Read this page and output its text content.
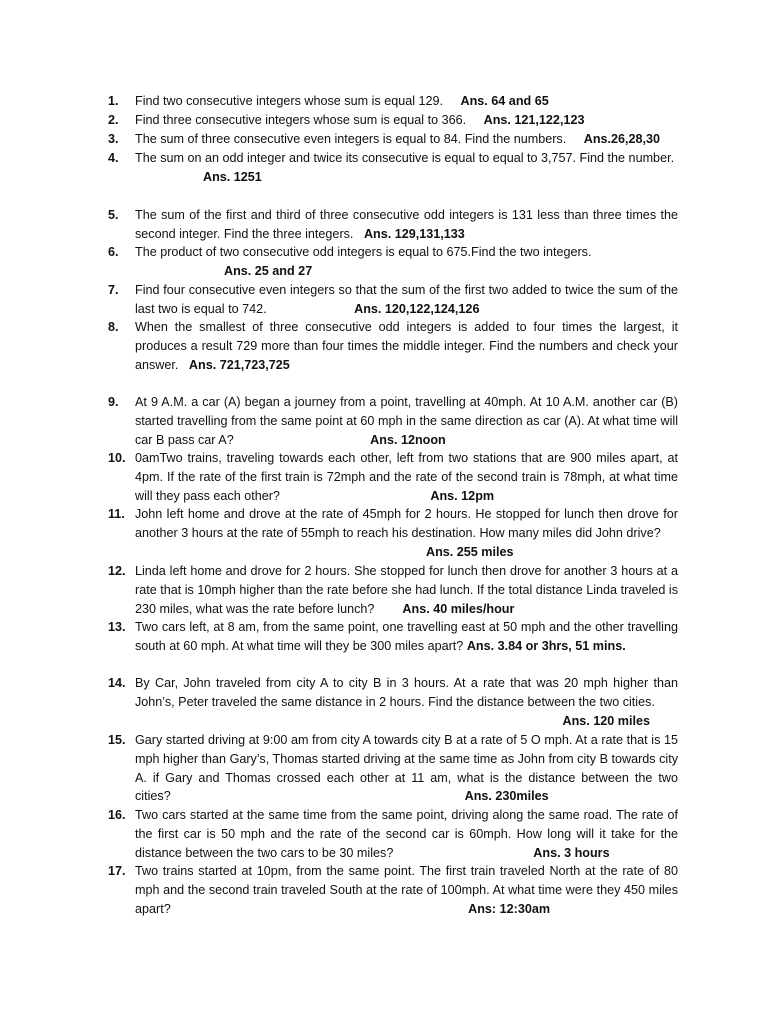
1.	Find two consecutive integers whose sum is equal 129. Ans. 64 and 65
2.	Find three consecutive integers whose sum is equal to 366. Ans. 121,122,123
3.	The sum of three consecutive even integers is equal to 84. Find the numbers. Ans.26,28,30
4.	The sum on an odd integer and twice its consecutive is equal to equal to 3,757. Find the number.
Ans. 1251
5.	The sum of the first and third of three consecutive odd integers is 131 less than three times the second integer. Find the three integers. Ans. 129,131,133
6.	The product of two consecutive odd integers is equal to 675.Find the two integers.
Ans. 25 and 27
7.	Find four consecutive even integers so that the sum of the first two added to twice the sum of the last two is equal to 742.	Ans. 120,122,124,126
8.	When the smallest of three consecutive odd integers is added to four times the largest, it produces a result 729 more than four times the middle integer. Find the numbers and check your answer. Ans. 721,723,725
9.	At 9 A.M. a car (A) began a journey from a point, travelling at 40mph. At 10 A.M. another car (B) started travelling from the same point at 60 mph in the same direction as car (A). At what time will car B pass car A?	Ans. 12noon
10. 0amTwo trains, traveling towards each other, left from two stations that are 900 miles apart, at 4pm. If the rate of the first train is 72mph and the rate of the second train is 78mph, at what time will they pass each other?	Ans. 12pm
11. John left home and drove at the rate of 45mph for 2 hours. He stopped for lunch then drove for another 3 hours at the rate of 55mph to reach his destination. How many miles did John drive?
Ans. 255 miles
12. Linda left home and drove for 2 hours. She stopped for lunch then drove for another 3 hours at a rate that is 10mph higher than the rate before she had lunch. If the total distance Linda traveled is 230 miles, what was the rate before lunch? Ans. 40 miles/hour
13. Two cars left, at 8 am, from the same point, one travelling east at 50 mph and the other travelling south at 60 mph. At what time will they be 300 miles apart? Ans. 3.84 or 3hrs, 51 mins.
14. By Car, John traveled from city A to city B in 3 hours. At a rate that was 20 mph higher than John’s, Peter traveled the same distance in 2 hours. Find the distance between the two cities.
Ans. 120 miles
15. Gary started driving at 9:00 am from city A towards city B at a rate of 5 O mph. At a rate that is 15 mph higher than Gary’s, Thomas started driving at the same time as John from city B towards city A. if Gary and Thomas crossed each other at 11 am, what is the distance between the two cities?	Ans. 230miles
16. Two cars started at the same time from the same point, driving along the same road. The rate of the first car is 50 mph and the rate of the second car is 60mph. How long will it take for the distance between the two cars to be 30 miles?	Ans. 3 hours
17. Two trains started at 10pm, from the same point. The first train traveled North at the rate of 80 mph and the second train traveled South at the rate of 100mph. At what time were they 450 miles apart?	Ans: 12:30am
